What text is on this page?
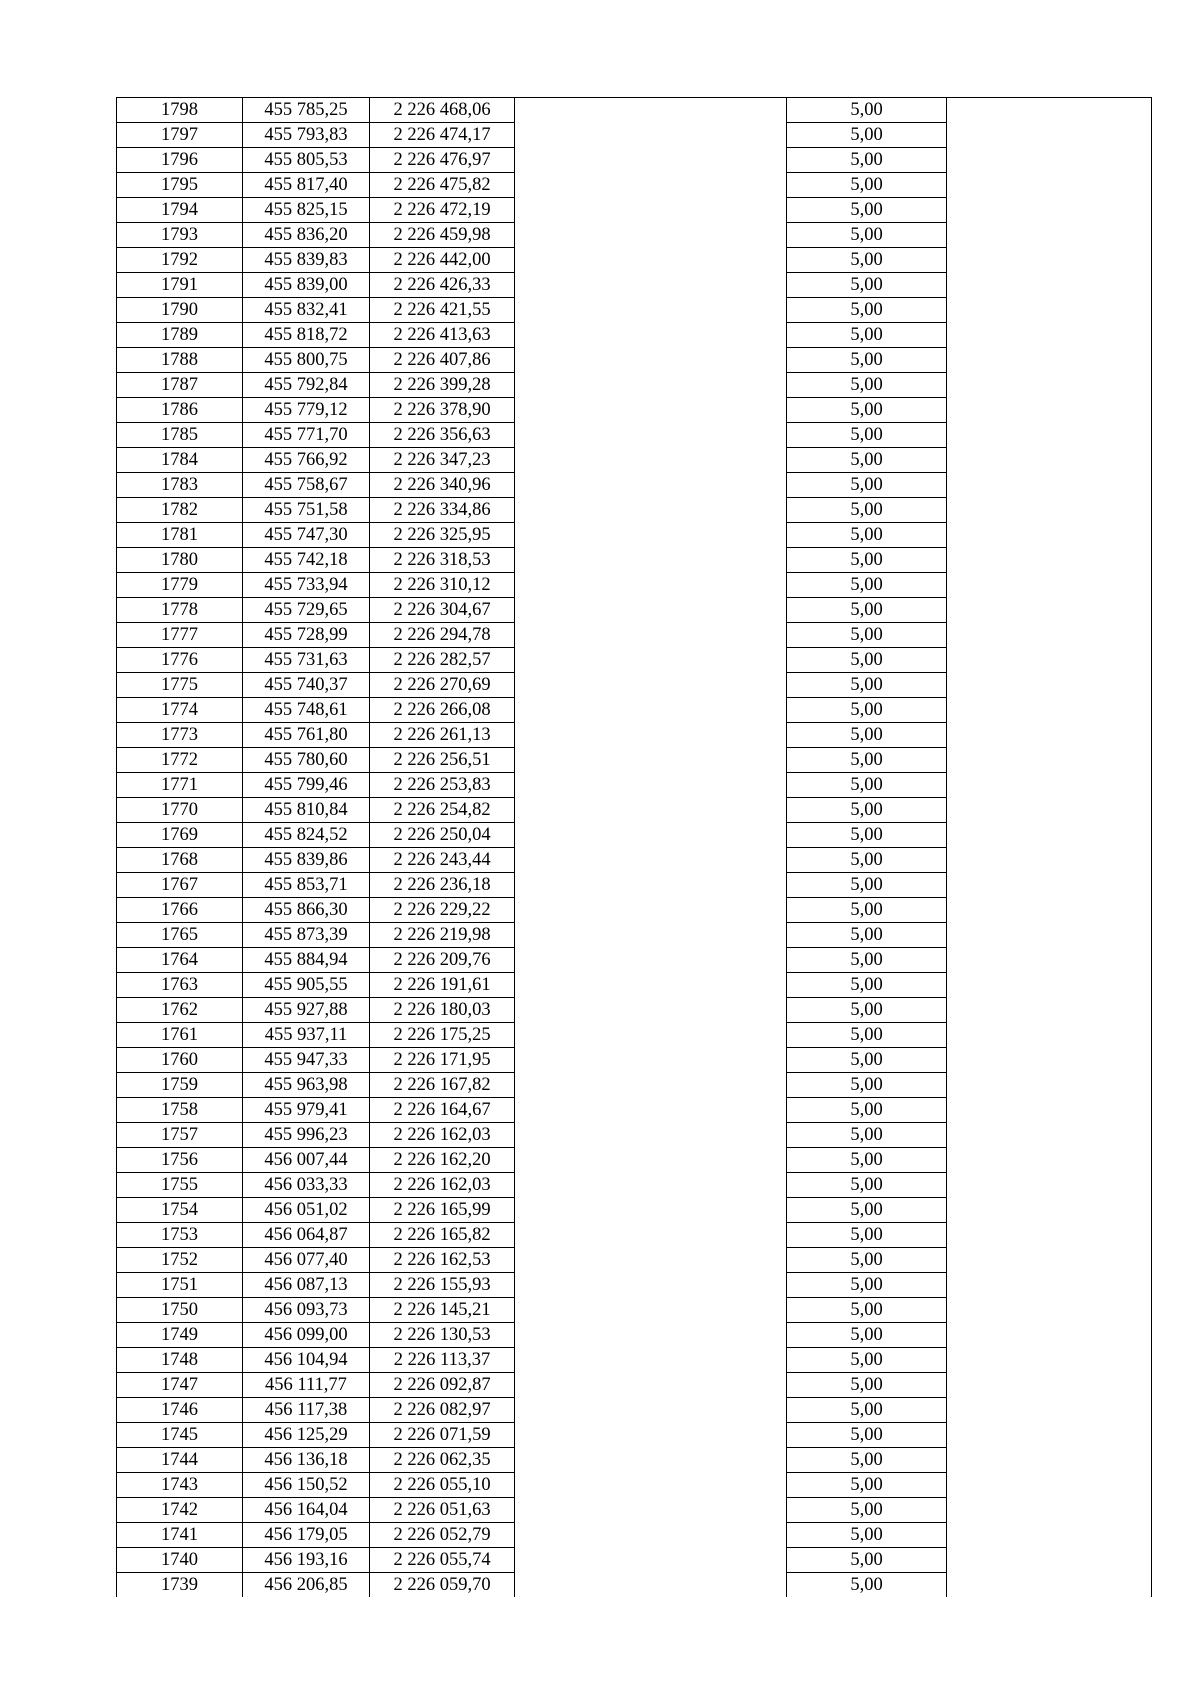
1798	455 785,25	2 226 468,06		5,00	
1797	455 793,83	2 226 474,17		5,00	
1796	455 805,53	2 226 476,97		5,00	
1795	455 817,40	2 226 475,82		5,00	
1794	455 825,15	2 226 472,19		5,00	
1793	455 836,20	2 226 459,98		5,00	
1792	455 839,83	2 226 442,00		5,00	
1791	455 839,00	2 226 426,33		5,00	
1790	455 832,41	2 226 421,55		5,00	
1789	455 818,72	2 226 413,63		5,00	
1788	455 800,75	2 226 407,86		5,00	
1787	455 792,84	2 226 399,28		5,00	
1786	455 779,12	2 226 378,90		5,00	
1785	455 771,70	2 226 356,63		5,00	
1784	455 766,92	2 226 347,23		5,00	
1783	455 758,67	2 226 340,96		5,00	
1782	455 751,58	2 226 334,86		5,00	
1781	455 747,30	2 226 325,95		5,00	
1780	455 742,18	2 226 318,53		5,00	
1779	455 733,94	2 226 310,12		5,00	
1778	455 729,65	2 226 304,67		5,00	
1777	455 728,99	2 226 294,78		5,00	
1776	455 731,63	2 226 282,57		5,00	
1775	455 740,37	2 226 270,69		5,00	
1774	455 748,61	2 226 266,08		5,00	
1773	455 761,80	2 226 261,13		5,00	
1772	455 780,60	2 226 256,51		5,00	
1771	455 799,46	2 226 253,83		5,00	
1770	455 810,84	2 226 254,82		5,00	
1769	455 824,52	2 226 250,04		5,00	
1768	455 839,86	2 226 243,44		5,00	
1767	455 853,71	2 226 236,18		5,00	
1766	455 866,30	2 226 229,22		5,00	
1765	455 873,39	2 226 219,98		5,00	
1764	455 884,94	2 226 209,76		5,00	
1763	455 905,55	2 226 191,61		5,00	
1762	455 927,88	2 226 180,03		5,00	
1761	455 937,11	2 226 175,25		5,00	
1760	455 947,33	2 226 171,95		5,00	
1759	455 963,98	2 226 167,82		5,00	
1758	455 979,41	2 226 164,67		5,00	
1757	455 996,23	2 226 162,03		5,00	
1756	456 007,44	2 226 162,20		5,00	
1755	456 033,33	2 226 162,03		5,00	
1754	456 051,02	2 226 165,99		5,00	
1753	456 064,87	2 226 165,82		5,00	
1752	456 077,40	2 226 162,53		5,00	
1751	456 087,13	2 226 155,93		5,00	
1750	456 093,73	2 226 145,21		5,00	
1749	456 099,00	2 226 130,53		5,00	
1748	456 104,94	2 226 113,37		5,00	
1747	456 111,77	2 226 092,87		5,00	
1746	456 117,38	2 226 082,97		5,00	
1745	456 125,29	2 226 071,59		5,00	
1744	456 136,18	2 226 062,35		5,00	
1743	456 150,52	2 226 055,10		5,00	
1742	456 164,04	2 226 051,63		5,00	
1741	456 179,05	2 226 052,79		5,00	
1740	456 193,16	2 226 055,74		5,00	
1739	456 206,85	2 226 059,70		5,00	
